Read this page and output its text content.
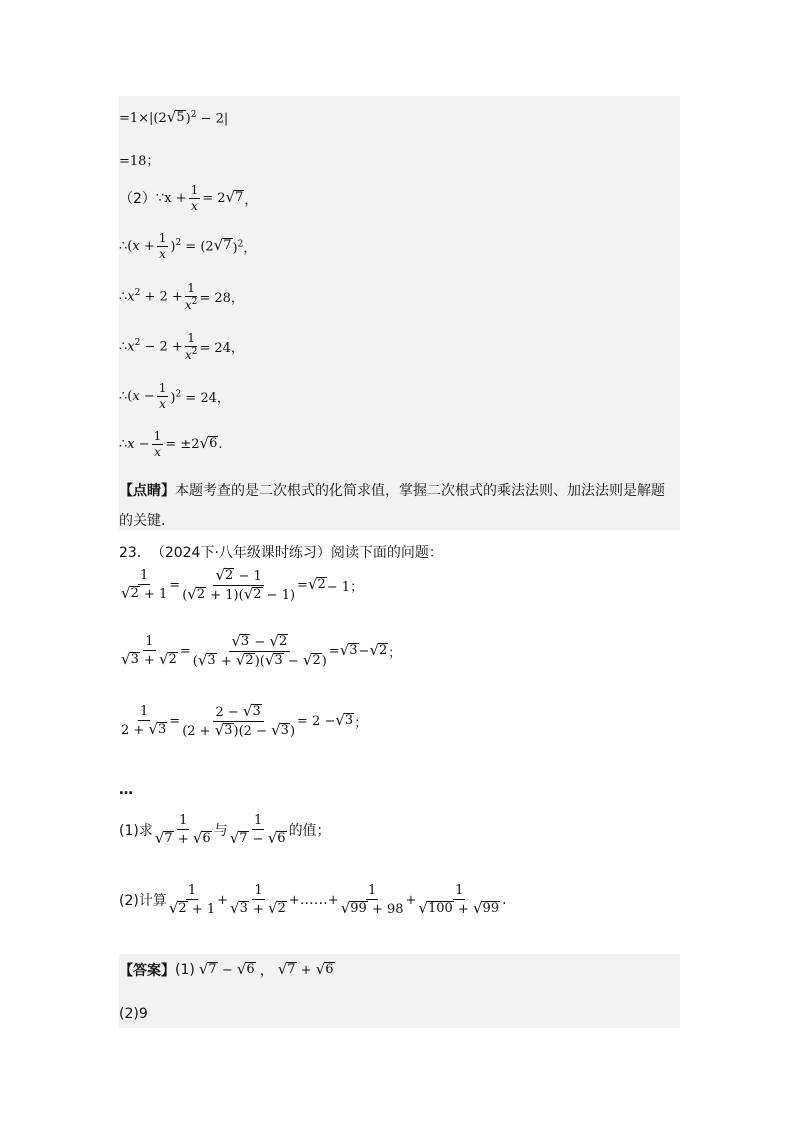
=1×|(2 √ 5 )$^2$ − 2|
=18；
（2） ∵x + $\frac{1}{x} = 2$ √ 7 ，
∴(x + $\frac{1}{x} )^2 = (2$ √ 7 )$^2$，
$\therefore x^2 + 2 + \frac{1}{x^2} = 28$，
$\therefore x^2 - 2 + \frac{1}{x^2} = 24$，
∴(x − $\frac{1}{x} )^2 = 24$，
∴x − $\frac{1}{x} = \pm 2$ √ 6 .
【点睛】 本题考查的是二次根式的化简求值，掌握二次根式的乘法法则、加法法则是解题
的关键.
23． （2024下·八年级课时练习）阅读下面的问题：
$\frac{1}{√ 2 + 1} = \frac{√ 2 - 1}{( √ 2 + 1)( √ 2 - 1)}$ = √ 2 − 1；
$\frac{1}{√ 3 + √ 2} = \frac{√ 3 - √ 2}{( √ 3 + √ 2 )( √ 3 - √ 2 )}$ = √ 3 − √ 2 ；
$\frac{1}{2 + √ 3} = \frac{2 - √ 3}{(2 + √ 3 )(2 - √ 3 )} = 2$ − √ 3 ；
…
(1)求 $\frac{1}{√ 7 + √ 6}$ 与 $\frac{1}{√ 7 - √ 6}$ 的值；
(2)计算 $\frac{1}{√ 2 + 1} + \frac{1}{√ 3 + √ 2}$ + …… + $\frac{1}{√ 99 + 98} + \frac{1}{√ 100 + √ 99}$ .
【答案】 (1) √ 7 − √ 6 ， √ 7 + √ 6
(2)9
